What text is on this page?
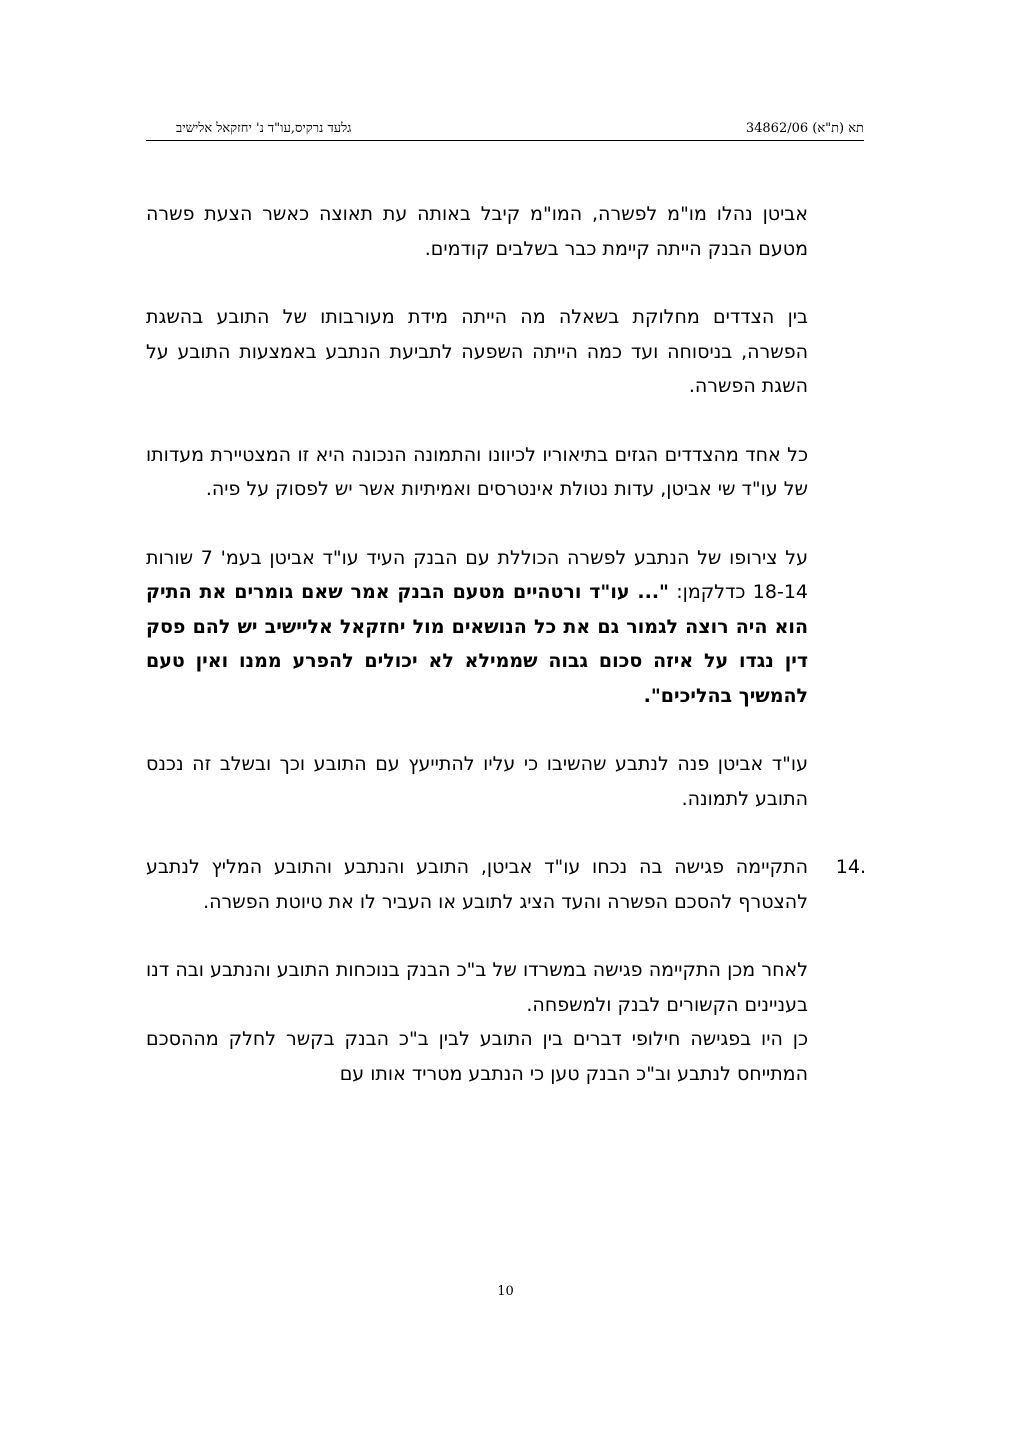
תא (ת"א) 34862/06
גלעד נרקיס,עו"ד נ' יחזקאל אלישיב

אביטן נהלו מו"מ לפשרה, המו"מ קיבל באותה עת תאוצה כאשר הצעת פשרה מטעם הבנק הייתה קיימת כבר בשלבים קודמים.

בין הצדדים מחלוקת בשאלה מה הייתה מידת מעורבותו של התובע בהשגת הפשרה, בניסוחה ועד כמה הייתה השפעה לתביעת הנתבע באמצעות התובע על השגת הפשרה.

כל אחד מהצדדים הגזים בתיאוריו לכיוונו והתמונה הנכונה היא זו המצטיירת מעדותו של עו"ד שי אביטן, עדות נטולת אינטרסים ואמיתיות אשר יש לפסוק על פיה.

על צירופו של הנתבע לפשרה הכוללת עם הבנק העיד עו"ד אביטן בעמ' 7 שורות 18-14 כדלקמן: "... עו"ד ורטהיים מטעם הבנק אמר שאם גומרים את התיק הוא היה רוצה לגמור גם את כל הנושאים מול יחזקאל אליישיב יש להם פסק דין נגדו על איזה סכום גבוה שממילא לא יכולים להפרע ממנו ואין טעם להמשיך בהליכים".

עו"ד אביטן פנה לנתבע שהשיבו כי עליו להתייעץ עם התובע וכך ובשלב זה נכנס התובע לתמונה.

14.
התקיימה פגישה בה נכחו עו"ד אביטן, התובע והנתבע והתובע המליץ לנתבע להצטרף להסכם הפשרה והעד הציג לתובע או העביר לו את טיוטת הפשרה.

לאחר מכן התקיימה פגישה במשרדו של ב"כ הבנק בנוכחות התובע והנתבע ובה דנו בעניינים הקשורים לבנק ולמשפחה.

כן היו בפגישה חילופי דברים בין התובע לבין ב"כ הבנק בקשר לחלק מההסכם המתייחס לנתבע וב"כ הבנק טען כי הנתבע מטריד אותו עם

10
